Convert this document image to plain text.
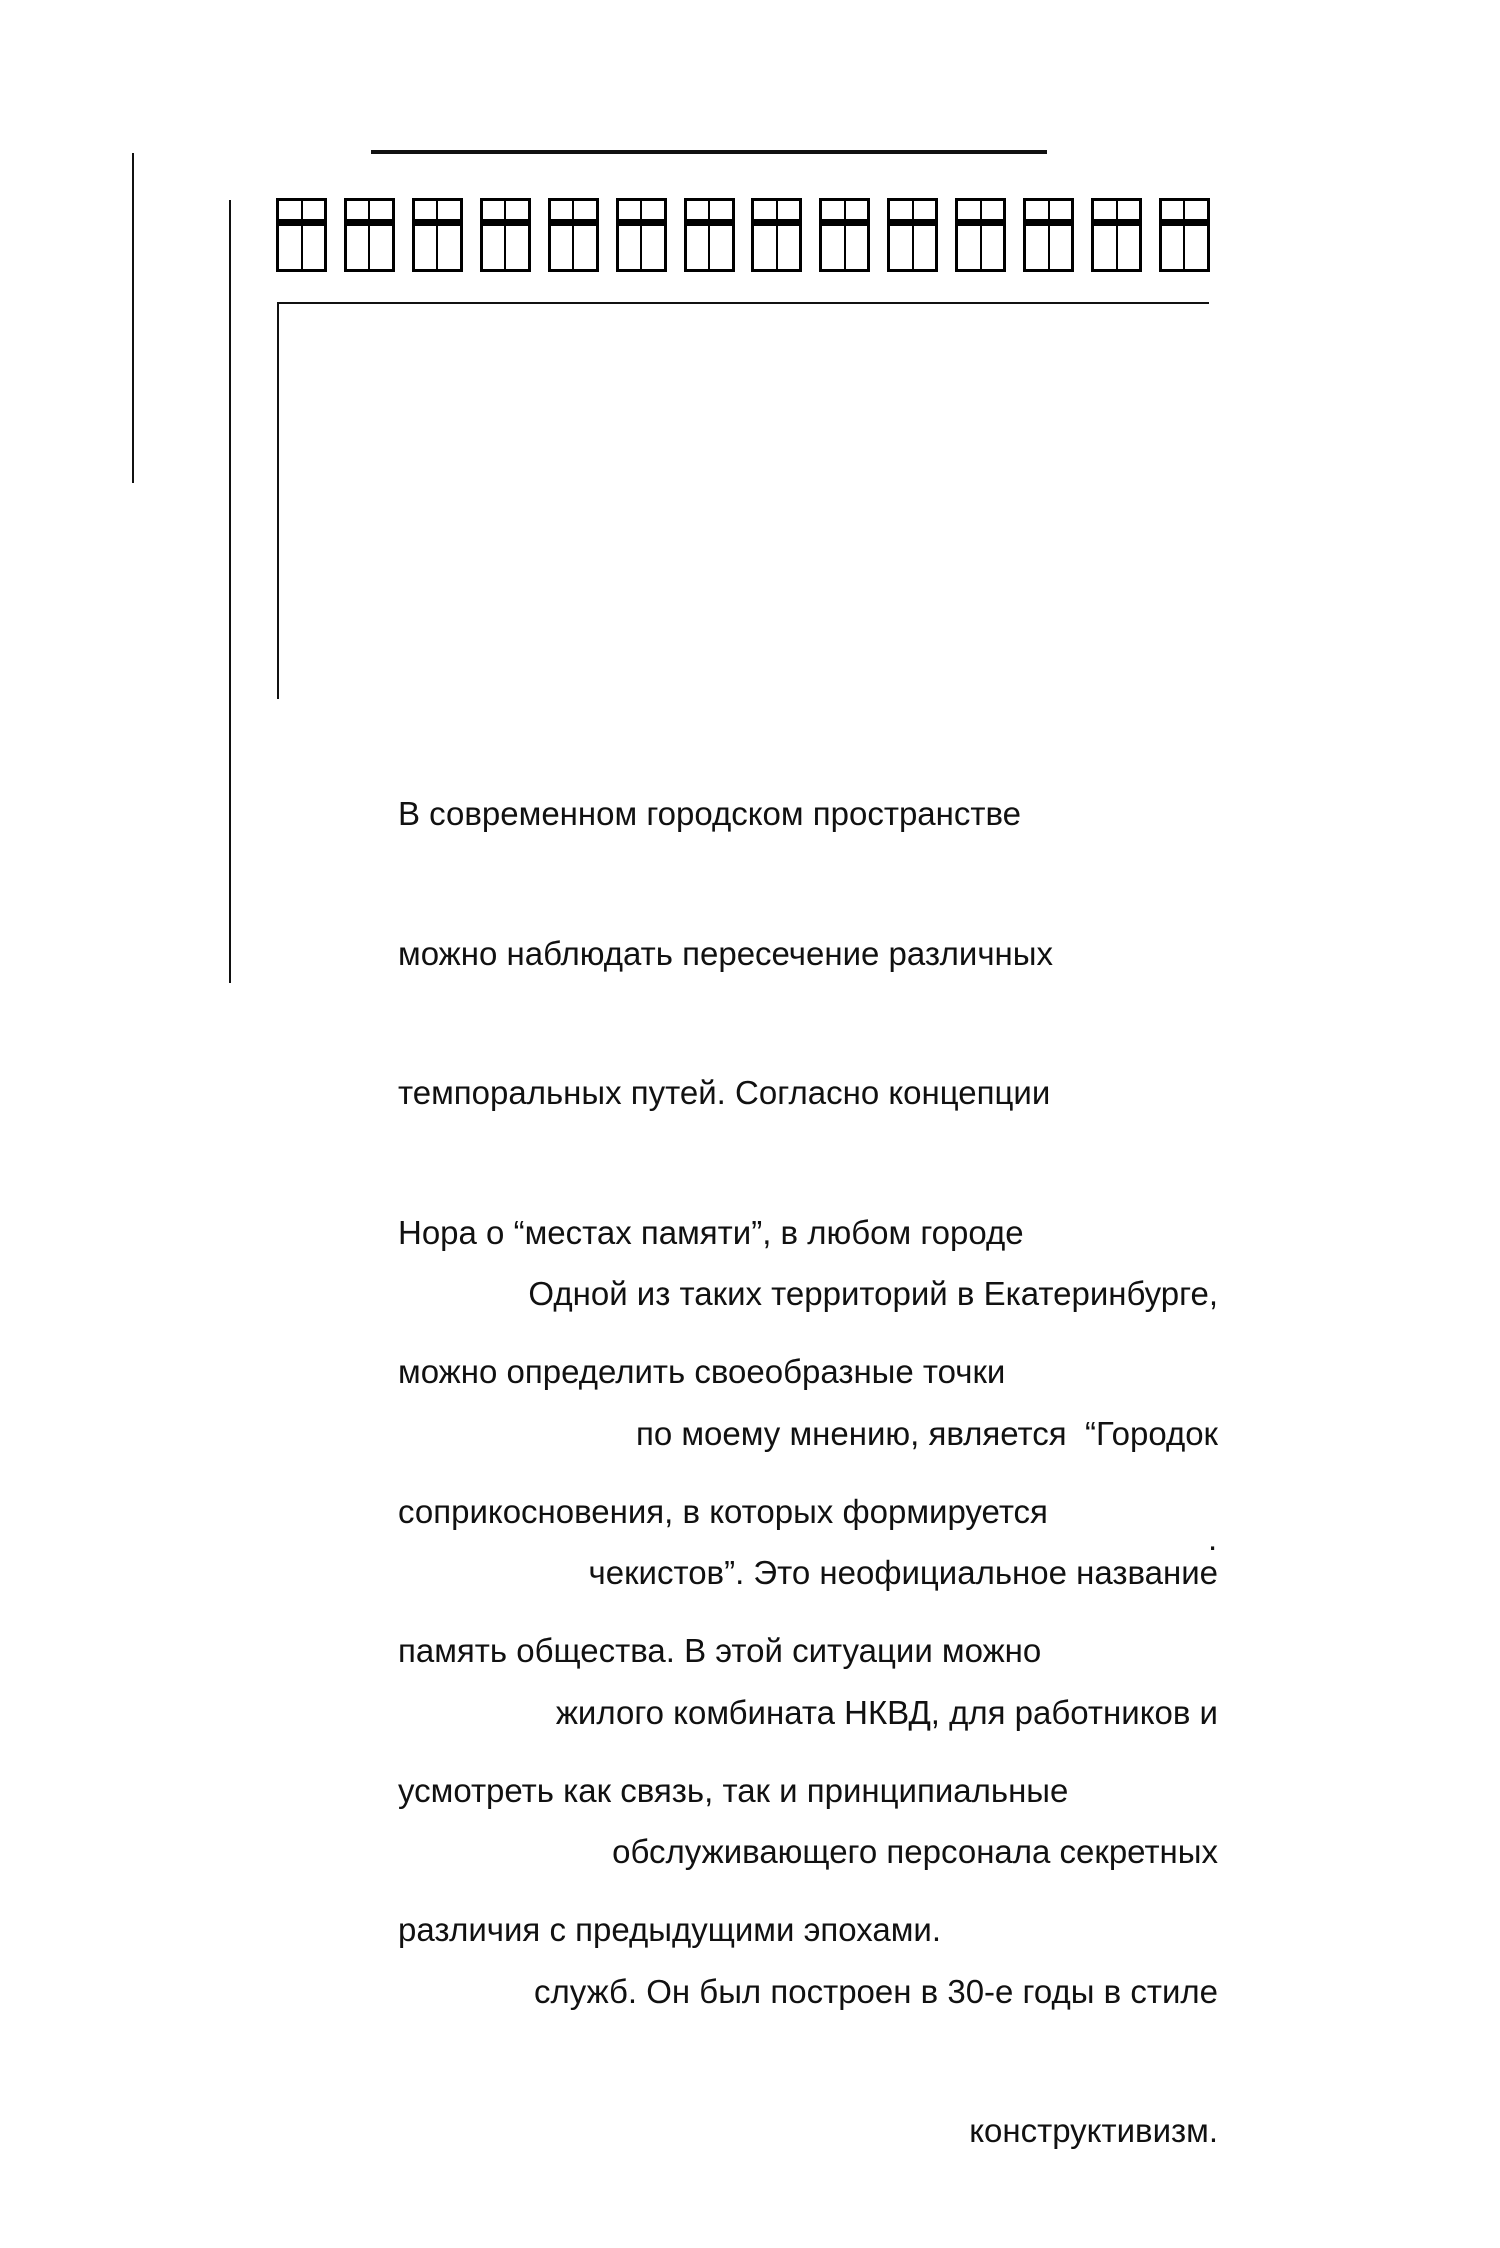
В современном городском пространстве

можно наблюдать пересечение различных

темпоральных путей. Согласно концепции

Нора о “местах памяти”, в любом городе

можно определить своеобразные точки

соприкосновения, в которых формируется

память общества. В этой ситуации можно

усмотреть как связь, так и принципиальные

различия с предыдущими эпохами.

Одной из таких территорий в Екатеринбурге,

по моему мнению, является  “Городок

чекистов”. Это неофициальное название

жилого комбината НКВД, для работников и

обслуживающего персонала секретных

служб. Он был построен в 30-е годы в стиле

конструктивизм.

.
